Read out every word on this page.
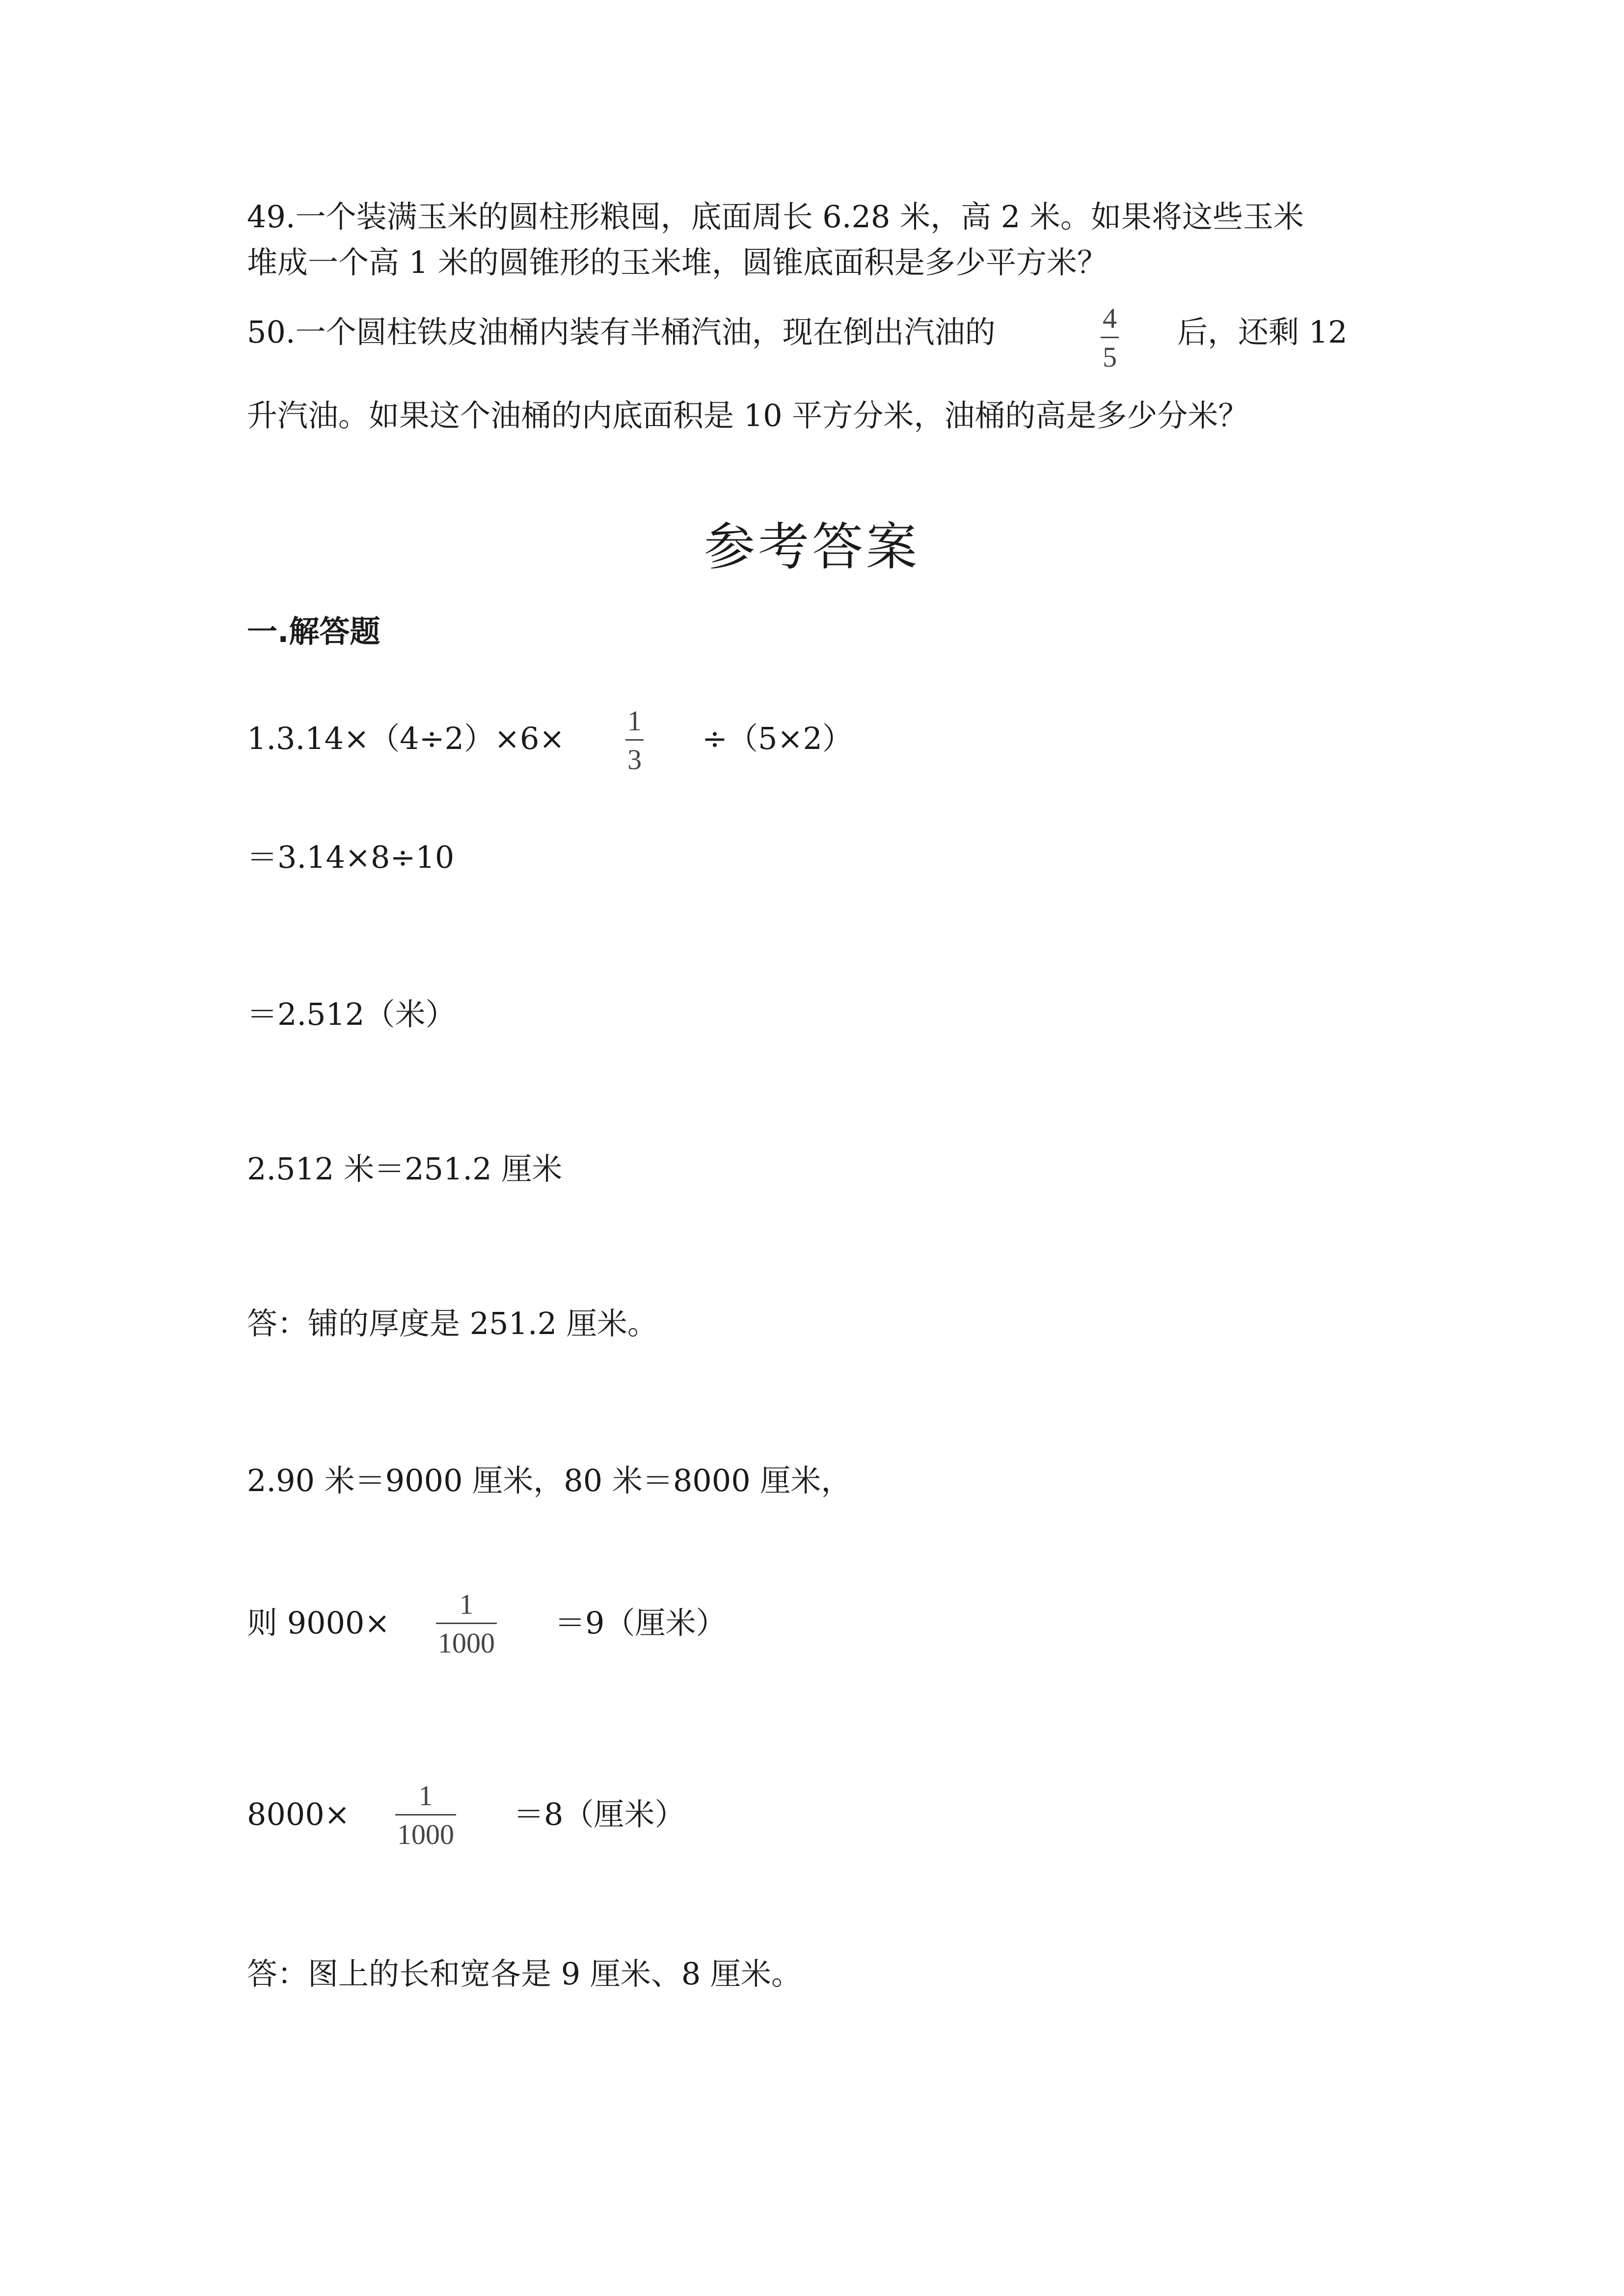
49.一个装满玉米的圆柱形粮囤，底面周长 6.28 米，高 2 米。如果将这些玉米
堆成一个高 1 米的圆锥形的玉米堆，圆锥底面积是多少平方米？
50.一个圆柱铁皮油桶内装有半桶汽油，现在倒出汽油的	4
5
后，还剩 12
升汽油。如果这个油桶的内底面积是 10 平方分米，油桶的高是多少分米？
参考答案
一.解答题
1.3.14×（4÷2）×6× 1
3
÷（5×2）
＝3.14×8÷10
＝2.512（米）
2.512 米＝251.2 厘米
答：铺的厚度是 251.2 厘米。
2.90 米＝9000 厘米，80 米＝8000 厘米，
则 9000×
1
1000
＝9（厘米）
8000×
1
1000
＝8（厘米）
答：图上的长和宽各是 9 厘米、8 厘米。
